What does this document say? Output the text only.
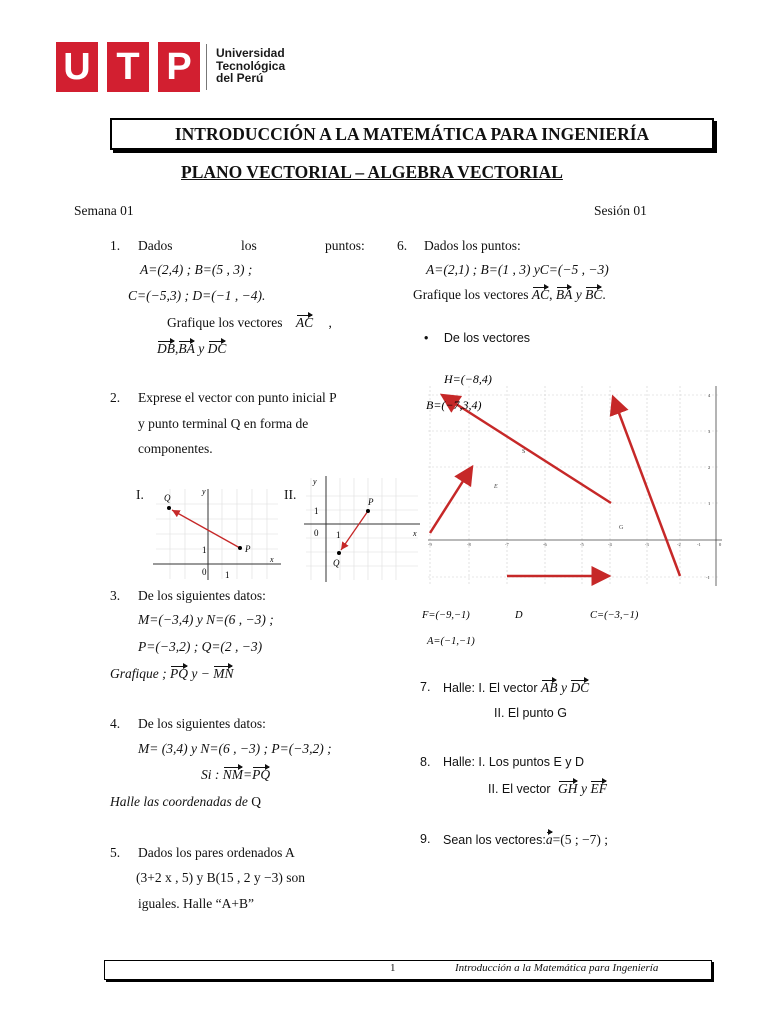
U T P	Universidad
Tecnológica
del Perú
INTRODUCCIÓN A LA MATEMÁTICA PARA INGENIERÍA
PLANO VECTORIAL – ALGEBRA VECTORIAL
Semana 01	Sesión 01
1. Dados	los	puntos:
A=(2,4) ; B=(5 , 3) ;
C=(−5,3) ; D=(−1 , −4).
Grafique los vectores AC ,
DB,BA y DC
2. Exprese el vector con punto inicial P
y punto terminal Q en forma de
componentes.
I.	II.
P
Q
y
x
1
0 1
P
Q
y
x
1
0 1
3. De los siguientes datos:
M=(−3,4) y N=(6 , −3) ;
P=(−3,2) ; Q=(2 , −3)
Grafique ; PQ y − MN
4. De los siguientes datos:
M= (3,4) y N=(6 , −3) ; P=(−3,2) ;
Si : NM=PQ
Halle las coordenadas de Q
5. Dados los pares ordenados A
(3+2 x , 5) y B(15 , 2 y −3) son
iguales. Halle “A+B”
6. Dados los puntos:
A=(2,1) ; B=(1 , 3) yC=(−5 , −3)
Grafique los vectores AC, BA y BC.
• De los vectores
-9	-8	-7	-6	-5	-4	-3	-2	-1	0
4
3
2
1
-1
H=(−8,4)
B=(−7,3,4)
S
E
G
F=(−9,−1)	D	C=(−3,−1)
A=(−1,−1)
7. Halle: I. El vector AB y DC
II. El punto G
8. Halle: I. Los puntos E y D
II. El vector GH y EF
9. Sean los vectores:a=(5 ; −7) ;
1	Introducción a la Matemática para Ingeniería
